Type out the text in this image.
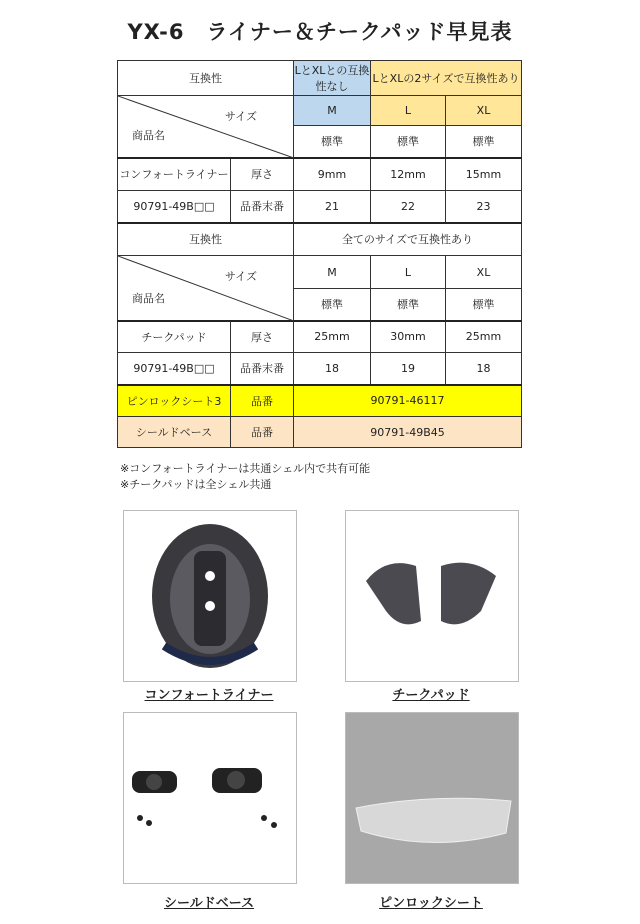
YX-6　ライナー＆チークパッド早見表
互換性		LとXLとの互換性なし	LとXLの2サイズで互換性あり	

サイズ
商品名		M	L	XL
		標準	標準	標準
コンフォートライナー	厚さ	9mm	12mm	15mm
90791-49B□□	品番末番	21	22	23
互換性		全てのサイズで互換性あり		

サイズ
商品名		M	L	XL
		標準	標準	標準
チークパッド	厚さ	25mm	30mm	25mm
90791-49B□□	品番末番	18	19	18
ピンロックシート3	品番	90791-46117		
シールドベース	品番	90791-49B45		
※コンフォートライナーは共通シェル内で共有可能
※チークパッドは全シェル共通
コンフォートライナー	チークパッド
シールドベース	ピンロックシート
